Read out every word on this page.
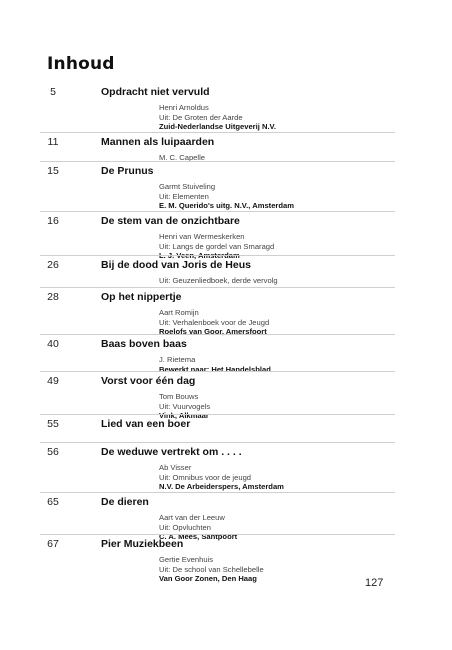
Inhoud
5	Opdracht niet vervuld
Henri Arnoldus
Uit: De Groten der Aarde
Zuid-Nederlandse Uitgeverij N.V.
11	Mannen als luipaarden
M. C. Capelle
15	De Prunus
Garmt Stuiveling
Uit: Elementen
E. M. Querido's uitg. N.V., Amsterdam
16	De stem van de onzichtbare
Henri van Wermeskerken
Uit: Langs de gordel van Smaragd
L. J. Veen, Amsterdam
26	Bij de dood van Joris de Heus
Uit: Geuzenliedboek, derde vervolg
28	Op het nippertje
Aart Romijn
Uit: Verhalenboek voor de Jeugd
Roelofs van Goor, Amersfoort
40	Baas boven baas
J. Rietema
Bewerkt naar: Het Handelsblad
49	Vorst voor één dag
Tom Bouws
Uit: Vuurvogels
Vink, Alkmaar
55	Lied van een boer
56	De weduwe vertrekt om . . . .
Ab Visser
Uit: Omnibus voor de jeugd
N.V. De Arbeiderspers, Amsterdam
65	De dieren
Aart van der Leeuw
Uit: Opvluchten
C. A. Mees, Santpoort
67	Pier Muziekbeen
Gertie Evenhuis
Uit: De school van Schellebelle
Van Goor Zonen, Den Haag	127
